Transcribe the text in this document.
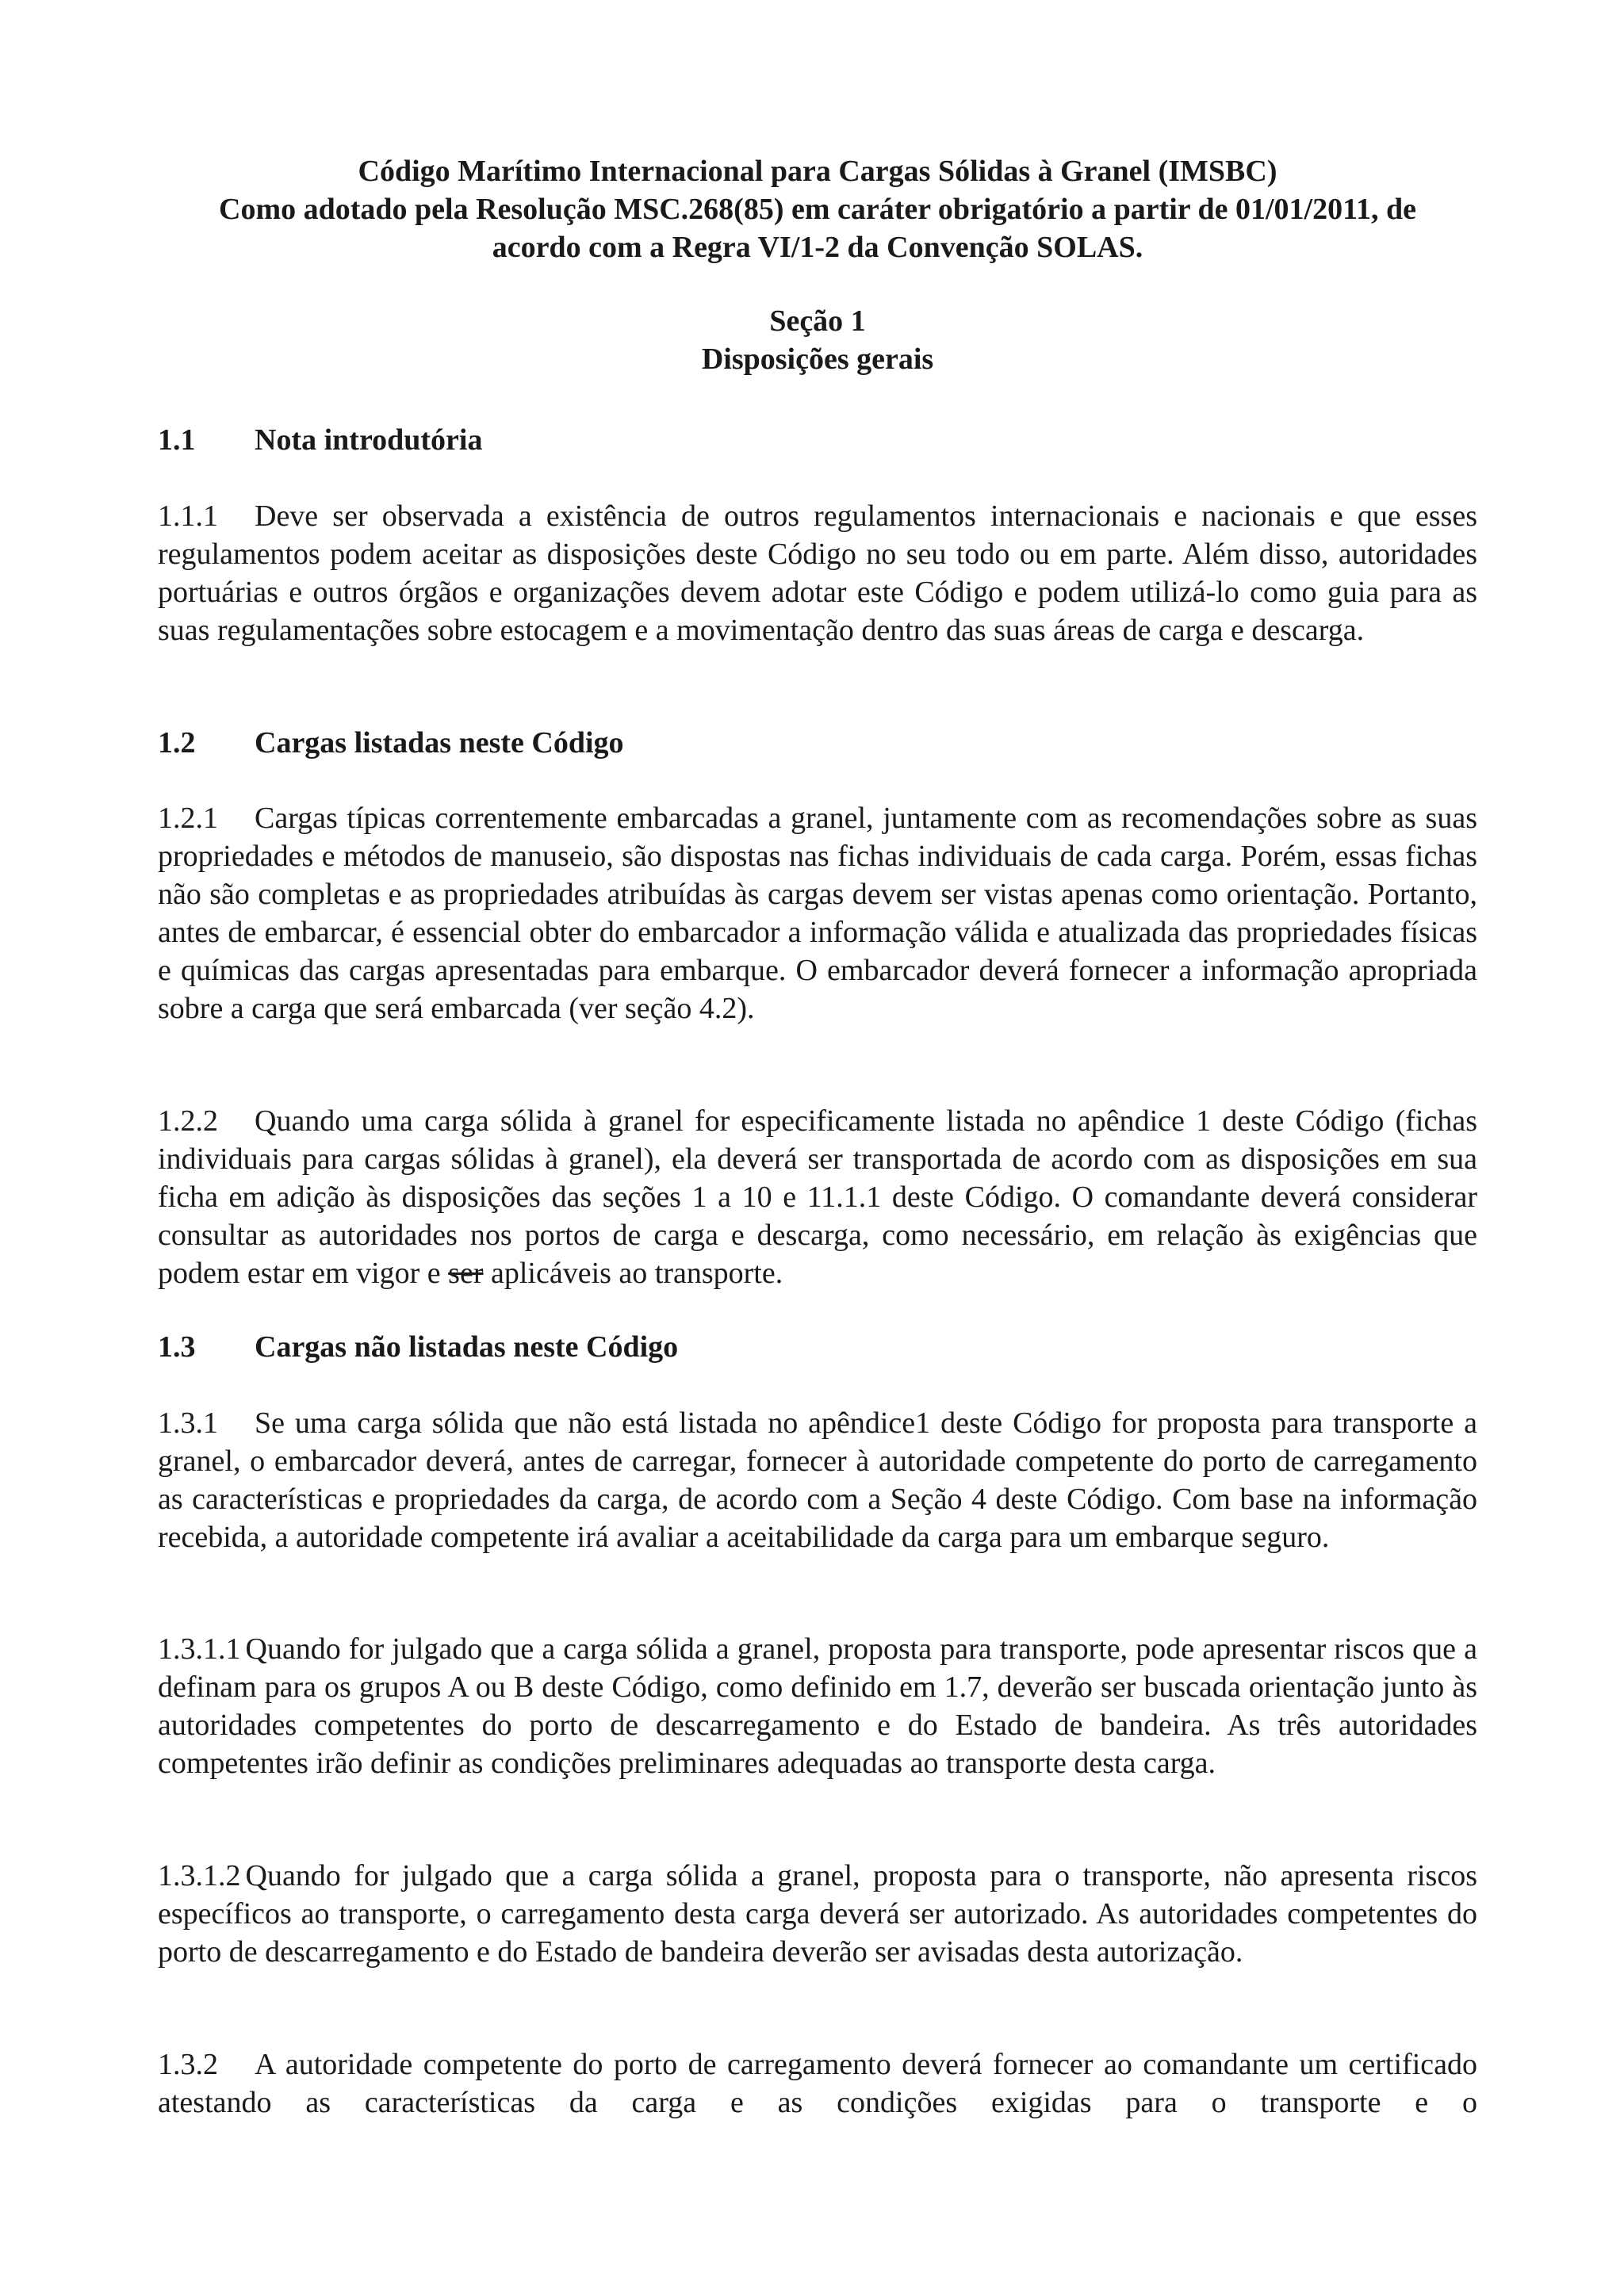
Código Marítimo Internacional para Cargas Sólidas à Granel (IMSBC)
Como adotado pela Resolução MSC.268(85) em caráter obrigatório a partir de 01/01/2011, de
acordo com a Regra VI/1-2 da Convenção SOLAS.
Seção 1
Disposições gerais
1.1 Nota introdutória
1.1.1 Deve ser observada a existência de outros regulamentos internacionais e nacionais e que esses regulamentos podem aceitar as disposições deste Código no seu todo ou em parte. Além disso, autoridades portuárias e outros órgãos e organizações devem adotar este Código e podem utilizá-lo como guia para as suas regulamentações sobre estocagem e a movimentação dentro das suas áreas de carga e descarga.
1.2 Cargas listadas neste Código
1.2.1 Cargas típicas correntemente embarcadas a granel, juntamente com as recomendações sobre as suas propriedades e métodos de manuseio, são dispostas nas fichas individuais de cada carga. Porém, essas fichas não são completas e as propriedades atribuídas às cargas devem ser vistas apenas como orientação. Portanto, antes de embarcar, é essencial obter do embarcador a informação válida e atualizada das propriedades físicas e químicas das cargas apresentadas para embarque. O embarcador deverá fornecer a informação apropriada sobre a carga que será embarcada (ver seção 4.2).
1.2.2 Quando uma carga sólida à granel for especificamente listada no apêndice 1 deste Código (fichas individuais para cargas sólidas à granel), ela deverá ser transportada de acordo com as disposições em sua ficha em adição às disposições das seções 1 a 10 e 11.1.1 deste Código. O comandante deverá considerar consultar as autoridades nos portos de carga e descarga, como necessário, em relação às exigências que podem estar em vigor e ser aplicáveis ao transporte.
1.3 Cargas não listadas neste Código
1.3.1 Se uma carga sólida que não está listada no apêndice1 deste Código for proposta para transporte a granel, o embarcador deverá, antes de carregar, fornecer à autoridade competente do porto de carregamento as características e propriedades da carga, de acordo com a Seção 4 deste Código. Com base na informação recebida, a autoridade competente irá avaliar a aceitabilidade da carga para um embarque seguro.
1.3.1.1 Quando for julgado que a carga sólida a granel, proposta para transporte, pode apresentar riscos que a definam para os grupos A ou B deste Código, como definido em 1.7, deverão ser buscada orientação junto às autoridades competentes do porto de descarregamento e do Estado de bandeira. As três autoridades competentes irão definir as condições preliminares adequadas ao transporte desta carga.
1.3.1.2 Quando for julgado que a carga sólida a granel, proposta para o transporte, não apresenta riscos específicos ao transporte, o carregamento desta carga deverá ser autorizado. As autoridades competentes do porto de descarregamento e do Estado de bandeira deverão ser avisadas desta autorização.
1.3.2 A autoridade competente do porto de carregamento deverá fornecer ao comandante um certificado atestando as características da carga e as condições exigidas para o transporte e o
